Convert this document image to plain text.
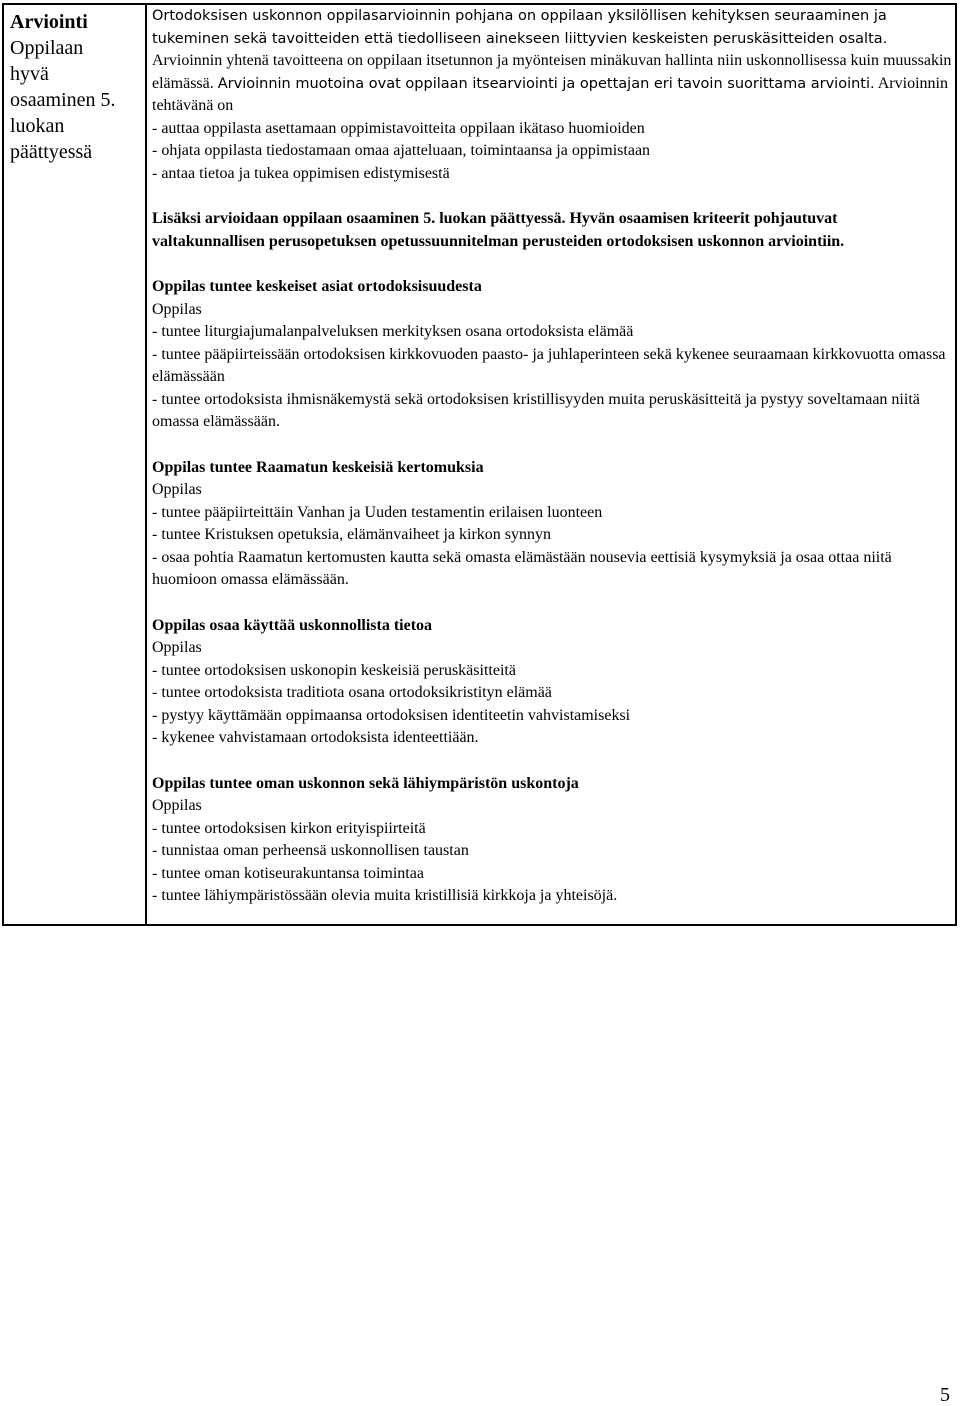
Arviointi
Oppilaan
hyvä
osaaminen 5.
luokan
päättyessä

Ortodoksisen uskonnon oppilasarvioinnin pohjana on oppilaan yksilöllisen kehityksen seuraaminen ja tukeminen sekä tavoitteiden että tiedolliseen ainekseen liittyvien keskeisten peruskäsitteiden osalta. Arvioinnin yhtenä tavoitteena on oppilaan itsetunnon ja myönteisen minäkuvan hallinta niin uskonnollisessa kuin muussakin elämässä. Arvioinnin muotoina ovat oppilaan itsearviointi ja opettajan eri tavoin suorittama arviointi. Arvioinnin tehtävänä on

- auttaa oppilasta asettamaan oppimistavoitteita oppilaan ikätaso huomioiden
- ohjata oppilasta tiedostamaan omaa ajatteluaan, toimintaansa ja oppimistaan
- antaa tietoa ja tukea oppimisen edistymisestä

Lisäksi arvioidaan oppilaan osaaminen 5. luokan päättyessä. Hyvän osaamisen kriteerit pohjautuvat valtakunnallisen perusopetuksen opetussuunnitelman perusteiden ortodoksisen uskonnon arviointiin.

Oppilas tuntee keskeiset asiat ortodoksisuudesta

Oppilas

- tuntee liturgiajumalanpalveluksen merkityksen osana ortodoksista elämää

- tuntee pääpiirteissään ortodoksisen kirkkovuoden paasto- ja juhlaperinteen sekä kykenee seuraamaan kirkkovuotta omassa elämässään

- tuntee ortodoksista ihmisnäkemystä sekä ortodoksisen kristillisyyden muita peruskäsitteitä ja pystyy soveltamaan niitä omassa elämässään.

Oppilas tuntee Raamatun keskeisiä kertomuksia

Oppilas

- tuntee pääpiirteittäin Vanhan ja Uuden testamentin erilaisen luonteen

- tuntee Kristuksen opetuksia, elämänvaiheet ja kirkon synnyn

- osaa pohtia Raamatun kertomusten kautta sekä omasta elämästään nousevia eettisiä kysymyksiä ja osaa ottaa niitä huomioon omassa elämässään.

Oppilas osaa käyttää uskonnollista tietoa

Oppilas

- tuntee ortodoksisen uskonopin keskeisiä peruskäsitteitä

- tuntee ortodoksista traditiota osana ortodoksikristityn elämää

- pystyy käyttämään oppimaansa ortodoksisen identiteetin vahvistamiseksi

- kykenee vahvistamaan ortodoksista identeettiään.

Oppilas tuntee oman uskonnon sekä lähiympäristön uskontoja

Oppilas

- tuntee ortodoksisen kirkon erityispiirteitä

- tunnistaa oman perheensä uskonnollisen taustan

- tuntee oman kotiseurakuntansa toimintaa

- tuntee lähiympäristössään olevia muita kristillisiä kirkkoja ja yhteisöjä.

5
